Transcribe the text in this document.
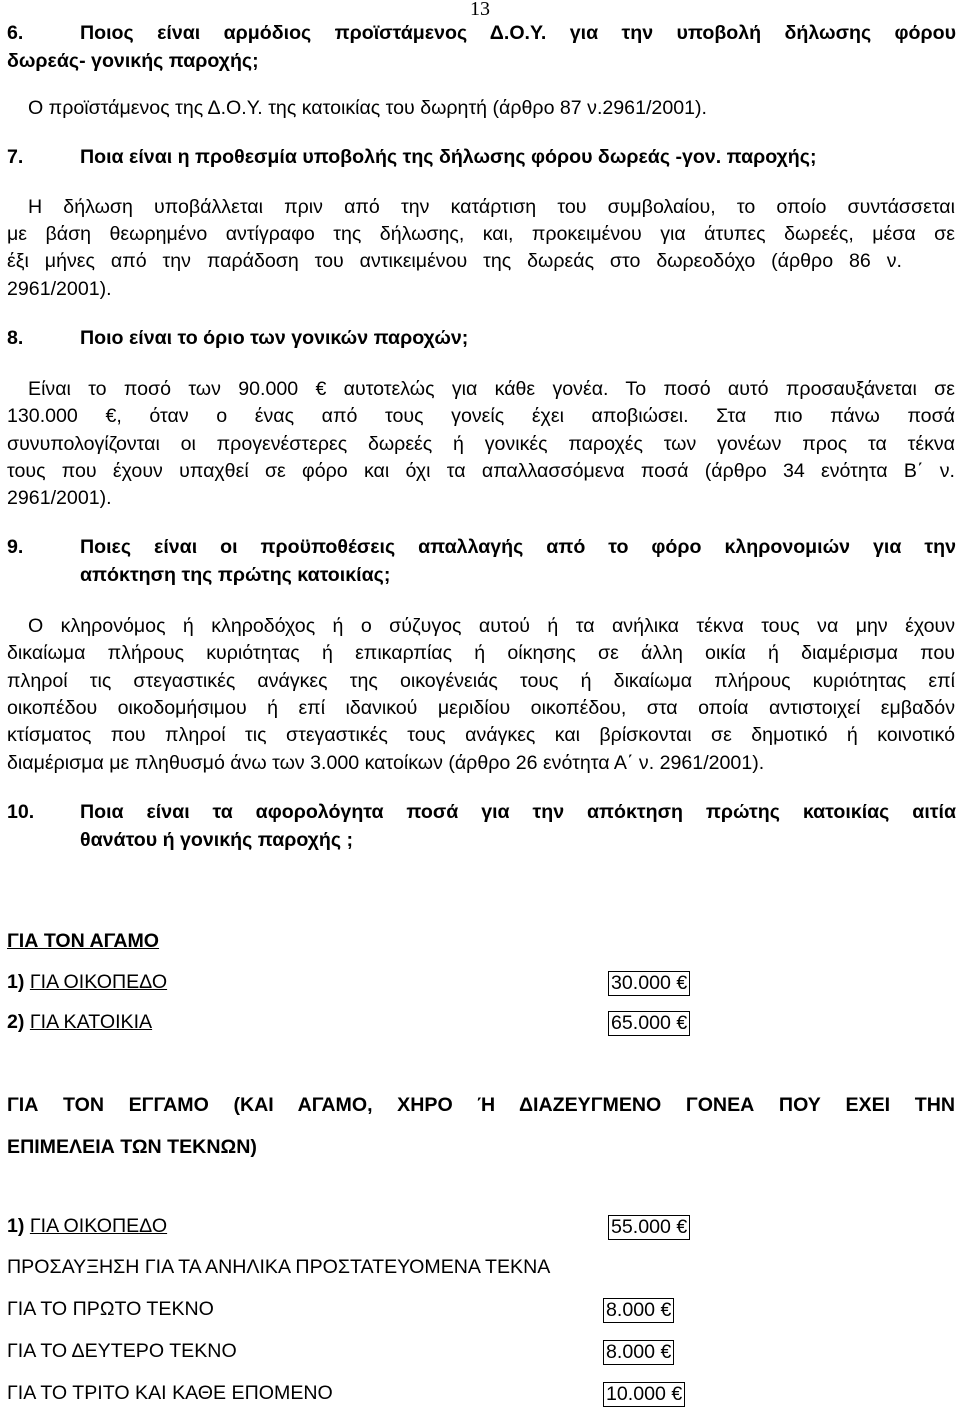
13
6.	Ποιος είναι αρμόδιος προϊστάμενος Δ.Ο.Υ. για την υποβολή δήλωσης φόρου
δωρεάς- γονικής παροχής;
Ο προϊστάμενος της Δ.Ο.Υ. της κατοικίας του δωρητή (άρθρο 87 ν.2961/2001).
7.	Ποια είναι η προθεσμία υποβολής της δήλωσης φόρου δωρεάς -γον. παροχής;
Η δήλωση υποβάλλεται πριν από την κατάρτιση του συμβολαίου, το οποίο συντάσσεται
με βάση θεωρημένο αντίγραφο της δήλωσης, και, προκειμένου για άτυπες δωρεές, μέσα σε
έξι μήνες από την παράδοση του αντικειμένου της δωρεάς στο δωρεοδόχο (άρθρο 86 ν.
2961/2001).
8.	Ποιο είναι το όριο των γονικών παροχών;
Είναι το ποσό των 90.000 € αυτοτελώς για κάθε γονέα. Το ποσό αυτό προσαυξάνεται σε
130.000 €, όταν ο ένας από τους γονείς έχει αποβιώσει. Στα πιο πάνω ποσά
συνυπολογίζονται οι προγενέστερες δωρεές ή γονικές παροχές των γονέων προς τα τέκνα
τους που έχουν υπαχθεί σε φόρο και όχι τα απαλλασσόμενα ποσά (άρθρο 34 ενότητα Β΄ ν.
2961/2001).
9.	Ποιες είναι οι προϋποθέσεις απαλλαγής από το φόρο κληρονομιών για την
απόκτηση της πρώτης κατοικίας;
Ο κληρονόμος ή κληροδόχος ή ο σύζυγος αυτού ή τα ανήλικα τέκνα τους να μην έχουν
δικαίωμα πλήρους κυριότητας ή επικαρπίας ή οίκησης σε άλλη οικία ή διαμέρισμα που
πληροί τις στεγαστικές ανάγκες της οικογένειάς τους ή δικαίωμα πλήρους κυριότητας επί
οικοπέδου οικοδομήσιμου ή επί ιδανικού μεριδίου οικοπέδου, στα οποία αντιστοιχεί εμβαδόν
κτίσματος που πληροί τις στεγαστικές τους ανάγκες και βρίσκονται σε δημοτικό ή κοινοτικό
διαμέρισμα με πληθυσμό άνω των 3.000 κατοίκων (άρθρο 26 ενότητα Α΄ ν. 2961/2001).
10.	Ποια είναι τα αφορολόγητα ποσά για την απόκτηση πρώτης κατοικίας αιτία
θανάτου ή γονικής παροχής ;
ΓΙΑ ΤΟΝ ΑΓΑΜΟ
1) ΓΙΑ ΟΙΚΟΠΕΔΟ	30.000 €
2) ΓΙΑ ΚΑΤΟΙΚΙΑ	65.000 €
ΓΙΑ ΤΟΝ ΕΓΓΑΜΟ (ΚΑΙ ΑΓΑΜΟ, ΧΗΡΟ Ή ΔΙΑΖΕΥΓΜΕΝΟ ΓΟΝΕΑ ΠΟΥ ΕΧΕΙ ΤΗΝ
ΕΠΙΜΕΛΕΙΑ ΤΩΝ ΤΕΚΝΩΝ)
1) ΓΙΑ ΟΙΚΟΠΕΔΟ	55.000 €
ΠΡΟΣΑΥΞΗΣΗ ΓΙΑ ΤΑ ΑΝΗΛΙΚΑ ΠΡΟΣΤΑΤΕΥΟΜΕΝΑ ΤΕΚΝΑ
ΓΙΑ ΤΟ ΠΡΩΤΟ ΤΕΚΝΟ	8.000 €
ΓΙΑ ΤΟ ΔΕΥΤΕΡΟ ΤΕΚΝΟ	8.000 €
ΓΙΑ ΤΟ ΤΡΙΤΟ ΚΑΙ ΚΑΘΕ ΕΠΟΜΕΝΟ	10.000 €
